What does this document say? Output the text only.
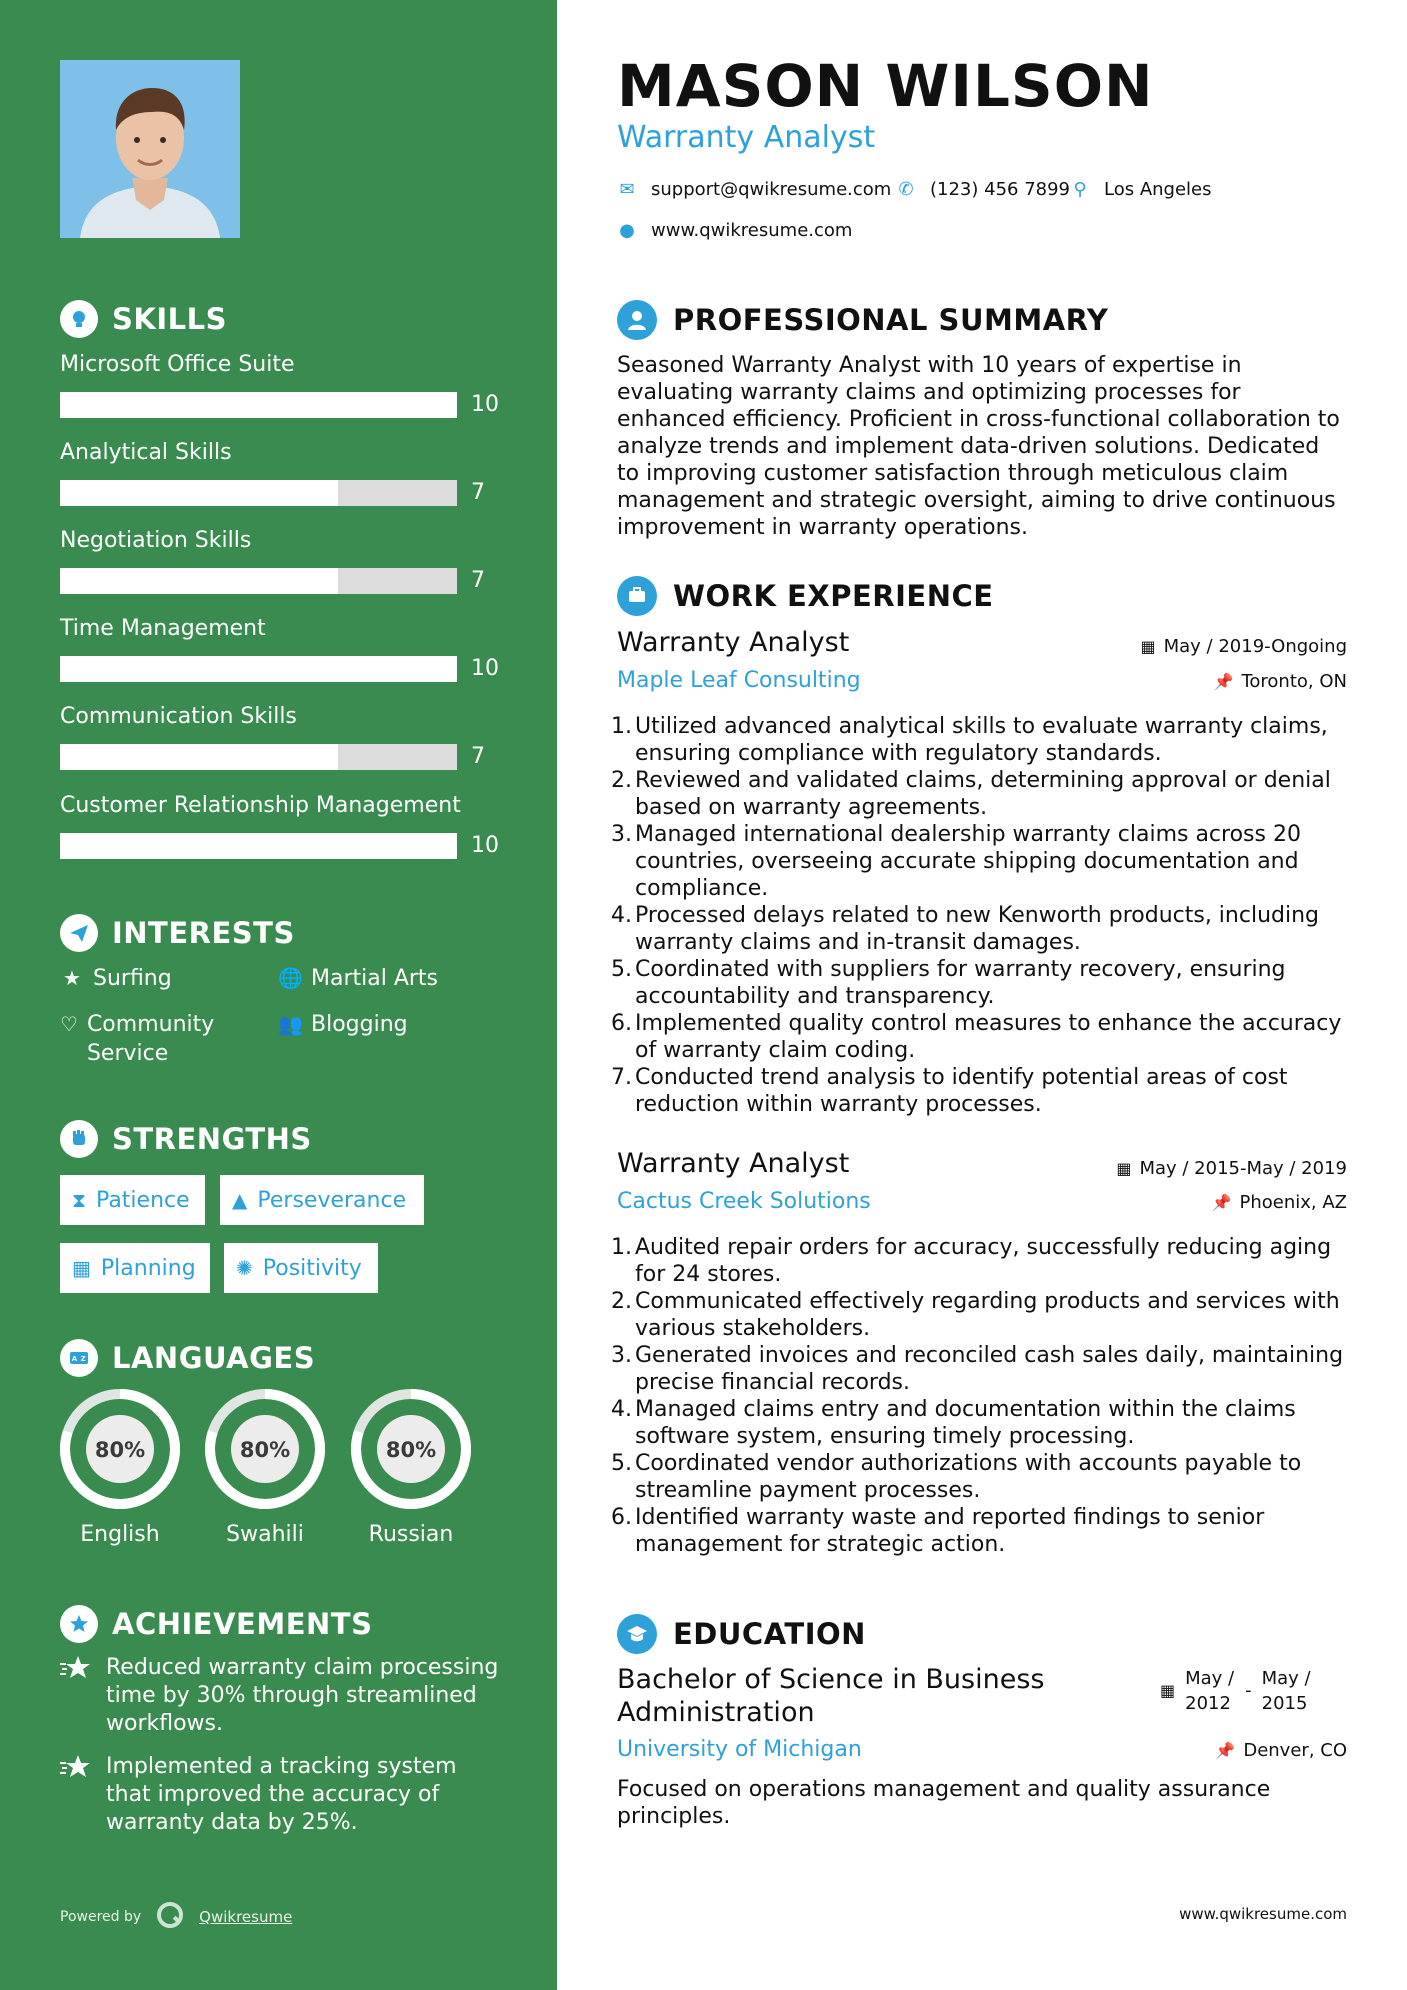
SKILLS
Microsoft Office Suite
10
Analytical Skills
7
Negotiation Skills
7
Time Management
10
Communication Skills
7
Customer Relationship Management
10
INTERESTS
★ Surfing	🌐 Martial Arts
♡ Community Service
👥 Blogging
STRENGTHS
⧗ Patience ▲ Perseverance
▦ Planning ✺ Positivity
A Z LANGUAGES
80%
English
80%
Swahili
80%
Russian
ACHIEVEMENTS
Reduced warranty claim processing time by 30% through streamlined workflows.
Implemented a tracking system that improved the accuracy of warranty data by 25%.
Powered by	Qwikresume
MASON WILSON
Warranty Analyst
✉ support@qwikresume.com ✆ (123) 456 7899 ⚲ Los Angeles
● www.qwikresume.com
PROFESSIONAL SUMMARY

Seasoned Warranty Analyst with 10 years of expertise in evaluating warranty claims and optimizing processes for enhanced efficiency. Proficient in cross-functional collaboration to analyze trends and implement data-driven solutions. Dedicated to improving customer satisfaction through meticulous claim management and strategic oversight, aiming to drive continuous improvement in warranty operations.

WORK EXPERIENCE
Warranty Analyst	▦ May / 2019-Ongoing
Maple Leaf Consulting	📌 Toronto, ON
1. Utilized advanced analytical skills to evaluate warranty claims, ensuring compliance with regulatory standards.
2. Reviewed and validated claims, determining approval or denial based on warranty agreements.
3. Managed international dealership warranty claims across 20 countries, overseeing accurate shipping documentation and compliance.
4. Processed delays related to new Kenworth products, including warranty claims and in-transit damages.
5. Coordinated with suppliers for warranty recovery, ensuring accountability and transparency.
6. Implemented quality control measures to enhance the accuracy of warranty claim coding.
7. Conducted trend analysis to identify potential areas of cost reduction within warranty processes.
Warranty Analyst	▦ May / 2015-May / 2019
Cactus Creek Solutions	📌 Phoenix, AZ
1. Audited repair orders for accuracy, successfully reducing aging for 24 stores.
2. Communicated effectively regarding products and services with various stakeholders.
3. Generated invoices and reconciled cash sales daily, maintaining precise financial records.
4. Managed claims entry and documentation within the claims software system, ensuring timely processing.
5. Coordinated vendor authorizations with accounts payable to streamline payment processes.
6. Identified warranty waste and reported findings to senior management for strategic action.
EDUCATION
Bachelor of Science in Business Administration
▦
May / 2012
-
May / 2015
University of Michigan	📌 Denver, CO

Focused on operations management and quality assurance principles.

www.qwikresume.com
